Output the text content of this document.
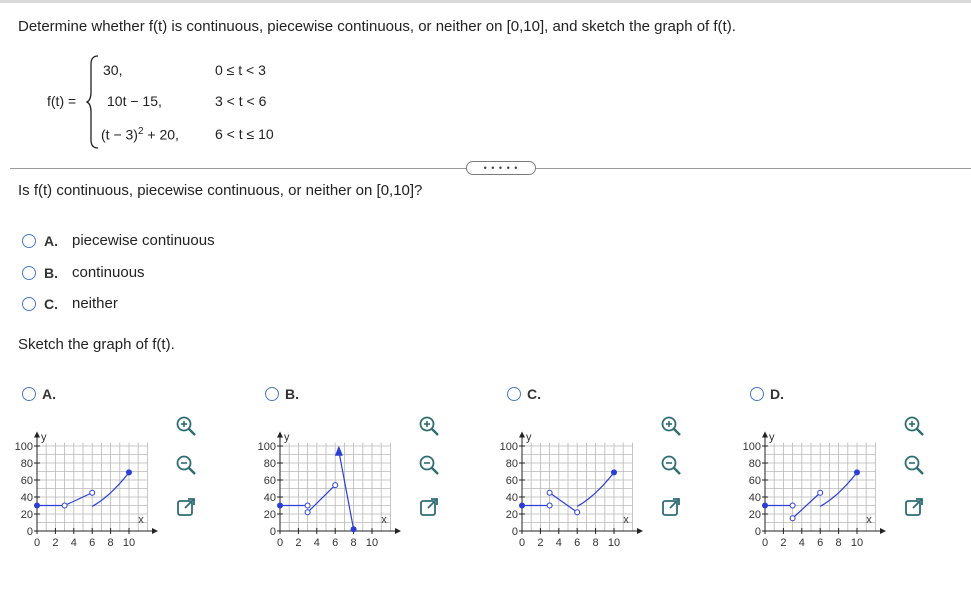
Determine whether f(t) is continuous, piecewise continuous, or neither on [0,10], and sketch the graph of f(t).
f(t) =
30,	0 ≤ t < 3
10t − 15,	3 < t < 6
$(t - 3)^2 + 20$,	6 < t ≤ 10
• • • • •
Is f(t) continuous, piecewise continuous, or neither on [0,10]?
A. piecewise continuous
B. continuous
C. neither
Sketch the graph of f(t).
A.	B.	C.	D.
100
80
60
40
20
0
0 2 4 6 8 10
y
x
100
80
60
40
20
0
0 2 4 6 8 10
y
x
100
80
60
40
20
0
0 2 4 6 8 10
y
x
100
80
60
40
20
0
0 2 4 6 8 10
y
x
